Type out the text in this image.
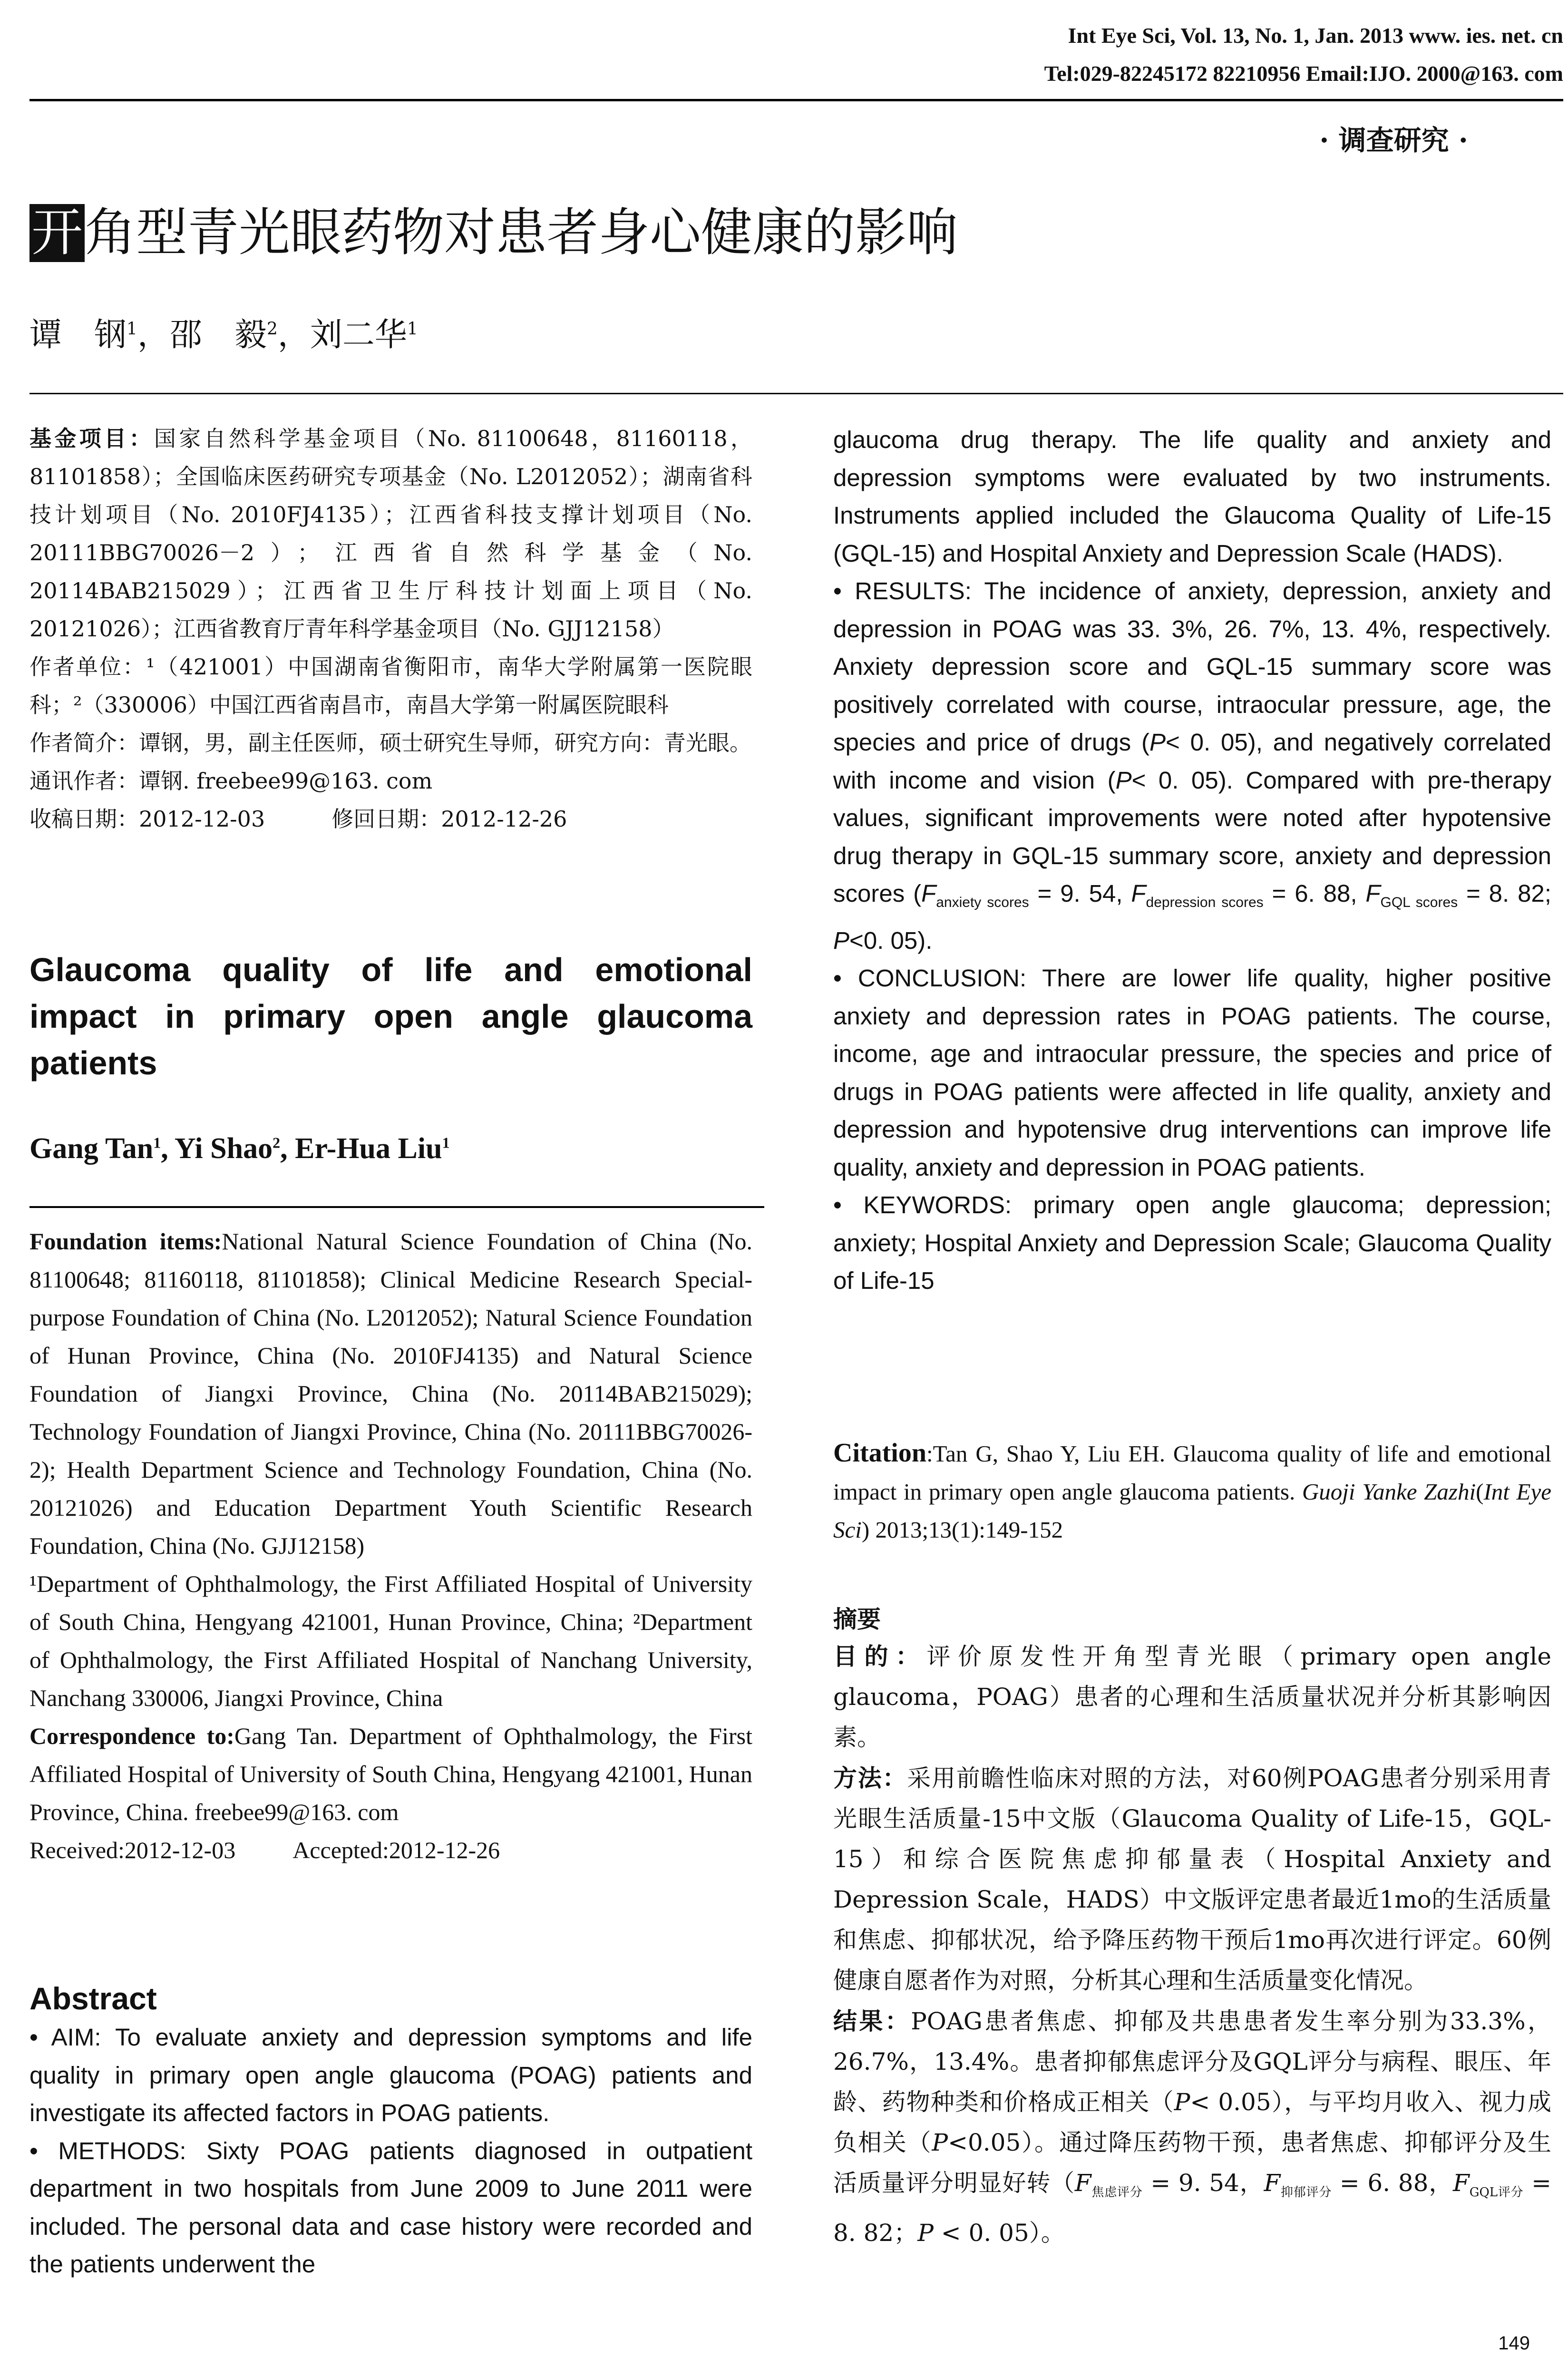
Int Eye Sci, Vol. 13, No. 1, Jan. 2013 www. ies. net. cn
Tel:029-82245172 82210956 Email:IJO. 2000@163. com
· 调查研究 ·
开角型青光眼药物对患者身心健康的影响
谭　钢$^1$，邵　毅$^2$，刘二华$^1$

基金项目：国家自然科学基金项目（No. 81100648，81160118，81101858）；全国临床医药研究专项基金（No. L2012052）；湖南省科技计划项目（No. 2010FJ4135）；江西省科技支撑计划项目（No. 20111BBG70026－2）；江西省自然科学基金（No. 20114BAB215029）；江西省卫生厅科技计划面上项目（No. 20121026）；江西省教育厅青年科学基金项目（No. GJJ12158）

作者单位：¹（421001）中国湖南省衡阳市，南华大学附属第一医院眼科；²（330006）中国江西省南昌市，南昌大学第一附属医院眼科

作者简介：谭钢，男，副主任医师，硕士研究生导师，研究方向：青光眼。

通讯作者：谭钢. freebee99@163. com

收稿日期：2012-12-03	修回日期：2012-12-26

Glaucoma quality of life and emotional impact in primary open angle glaucoma patients
Gang Tan$^1$, Yi Shao$^2$, Er-Hua Liu$^1$

Foundation items:National Natural Science Foundation of China (No. 81100648; 81160118, 81101858); Clinical Medicine Research Special-purpose Foundation of China (No. L2012052); Natural Science Foundation of Hunan Province, China (No. 2010FJ4135) and Natural Science Foundation of Jiangxi Province, China (No. 20114BAB215029); Technology Foundation of Jiangxi Province, China (No. 20111BBG70026-2); Health Department Science and Technology Foundation, China (No. 20121026) and Education Department Youth Scientific Research Foundation, China (No. GJJ12158)

¹Department of Ophthalmology, the First Affiliated Hospital of University of South China, Hengyang 421001, Hunan Province, China; ²Department of Ophthalmology, the First Affiliated Hospital of Nanchang University, Nanchang 330006, Jiangxi Province, China

Correspondence to:Gang Tan. Department of Ophthalmology, the First Affiliated Hospital of University of South China, Hengyang 421001, Hunan Province, China. freebee99@163. com

Received:2012-12-03 Accepted:2012-12-26

Abstract

• AIM: To evaluate anxiety and depression symptoms and life quality in primary open angle glaucoma (POAG) patients and investigate its affected factors in POAG patients.

• METHODS: Sixty POAG patients diagnosed in outpatient department in two hospitals from June 2009 to June 2011 were included. The personal data and case history were recorded and the patients underwent the

glaucoma drug therapy. The life quality and anxiety and depression symptoms were evaluated by two instruments. Instruments applied included the Glaucoma Quality of Life-15 (GQL-15) and Hospital Anxiety and Depression Scale (HADS).

• RESULTS: The incidence of anxiety, depression, anxiety and depression in POAG was 33. 3%, 26. 7%, 13. 4%, respectively. Anxiety depression score and GQL-15 summary score was positively correlated with course, intraocular pressure, age, the species and price of drugs (P< 0. 05), and negatively correlated with income and vision (P< 0. 05). Compared with pre-therapy values, significant improvements were noted after hypotensive drug therapy in GQL-15 summary score, anxiety and depression scores ($F_{anxiety scores} = 9$. 54, $F_{depression scores} = 6$. 88, $F_{GQL scores} = 8$. 82; P<0. 05).

• CONCLUSION: There are lower life quality, higher positive anxiety and depression rates in POAG patients. The course, income, age and intraocular pressure, the species and price of drugs in POAG patients were affected in life quality, anxiety and depression and hypotensive drug interventions can improve life quality, anxiety and depression in POAG patients.

• KEYWORDS: primary open angle glaucoma; depression; anxiety; Hospital Anxiety and Depression Scale; Glaucoma Quality of Life-15

Citation:Tan G, Shao Y, Liu EH. Glaucoma quality of life and emotional impact in primary open angle glaucoma patients. Guoji Yanke Zazhi(Int Eye Sci) 2013;13(1):149-152
摘要

目的：评价原发性开角型青光眼（primary open angle glaucoma，POAG）患者的心理和生活质量状况并分析其影响因素。

方法：采用前瞻性临床对照的方法，对60例POAG患者分别采用青光眼生活质量-15中文版（Glaucoma Quality of Life-15，GQL-15）和综合医院焦虑抑郁量表（Hospital Anxiety and Depression Scale，HADS）中文版评定患者最近1mo的生活质量和焦虑、抑郁状况，给予降压药物干预后1mo再次进行评定。60例健康自愿者作为对照，分析其心理和生活质量变化情况。

结果：POAG患者焦虑、抑郁及共患患者发生率分别为33.3%，26.7%，13.4%。患者抑郁焦虑评分及GQL评分与病程、眼压、年龄、药物种类和价格成正相关（P< 0.05），与平均月收入、视力成负相关（P<0.05）。通过降压药物干预，患者焦虑、抑郁评分及生活质量评分明显好转（$F_{焦虑评分} = 9$. 54，$F_{抑郁评分} = 6$. 88，$F_{GQL评分} = 8$. 82；P < 0. 05）。

149
